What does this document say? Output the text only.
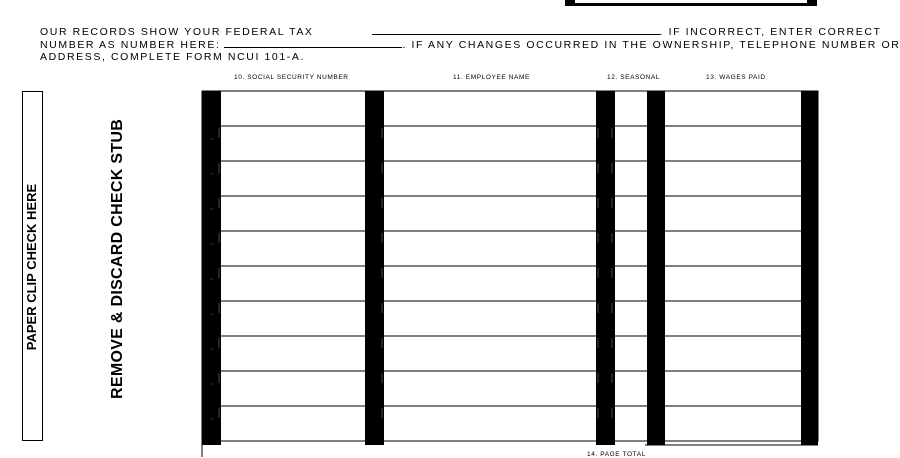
OUR RECORDS SHOW YOUR FEDERAL TAX	. IF INCORRECT, ENTER CORRECT
NUMBER AS NUMBER HERE:	. IF ANY CHANGES OCCURRED IN THE OWNERSHIP, TELEPHONE NUMBER OR
ADDRESS, COMPLETE FORM NCUI 101-A.
10. SOCIAL SECURITY NUMBER	11. EMPLOYEE NAME	12. SEASONAL	13. WAGES PAID
PAPER CLIP CHECK HERE	REMOVE & DISCARD CHECK STUB
14. PAGE TOTAL
